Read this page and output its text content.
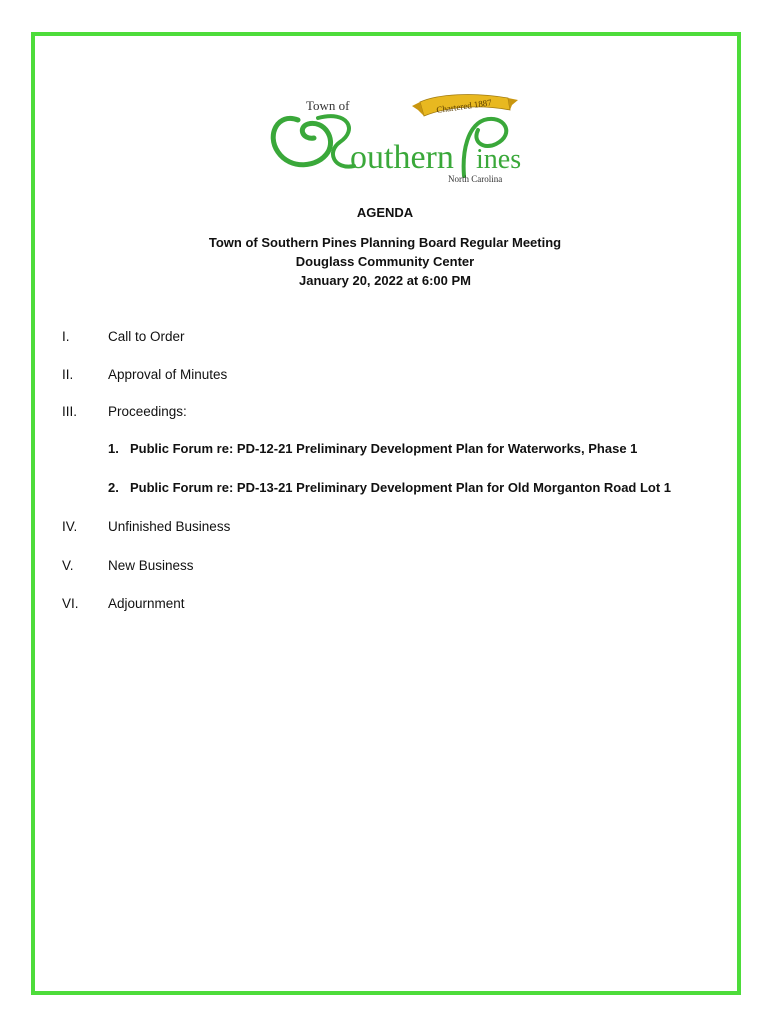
Town of	Chartered 1887
outhern ines
North Carolina
AGENDA
Town of Southern Pines Planning Board Regular Meeting
Douglass Community Center
January 20, 2022 at 6:00 PM
I.	Call to Order
II.	Approval of Minutes
III. Proceedings:
1. Public Forum re: PD-12-21 Preliminary Development Plan for Waterworks, Phase 1
2. Public Forum re: PD-13-21 Preliminary Development Plan for Old Morganton Road Lot 1
IV. Unfinished Business
V.	New Business
VI. Adjournment
